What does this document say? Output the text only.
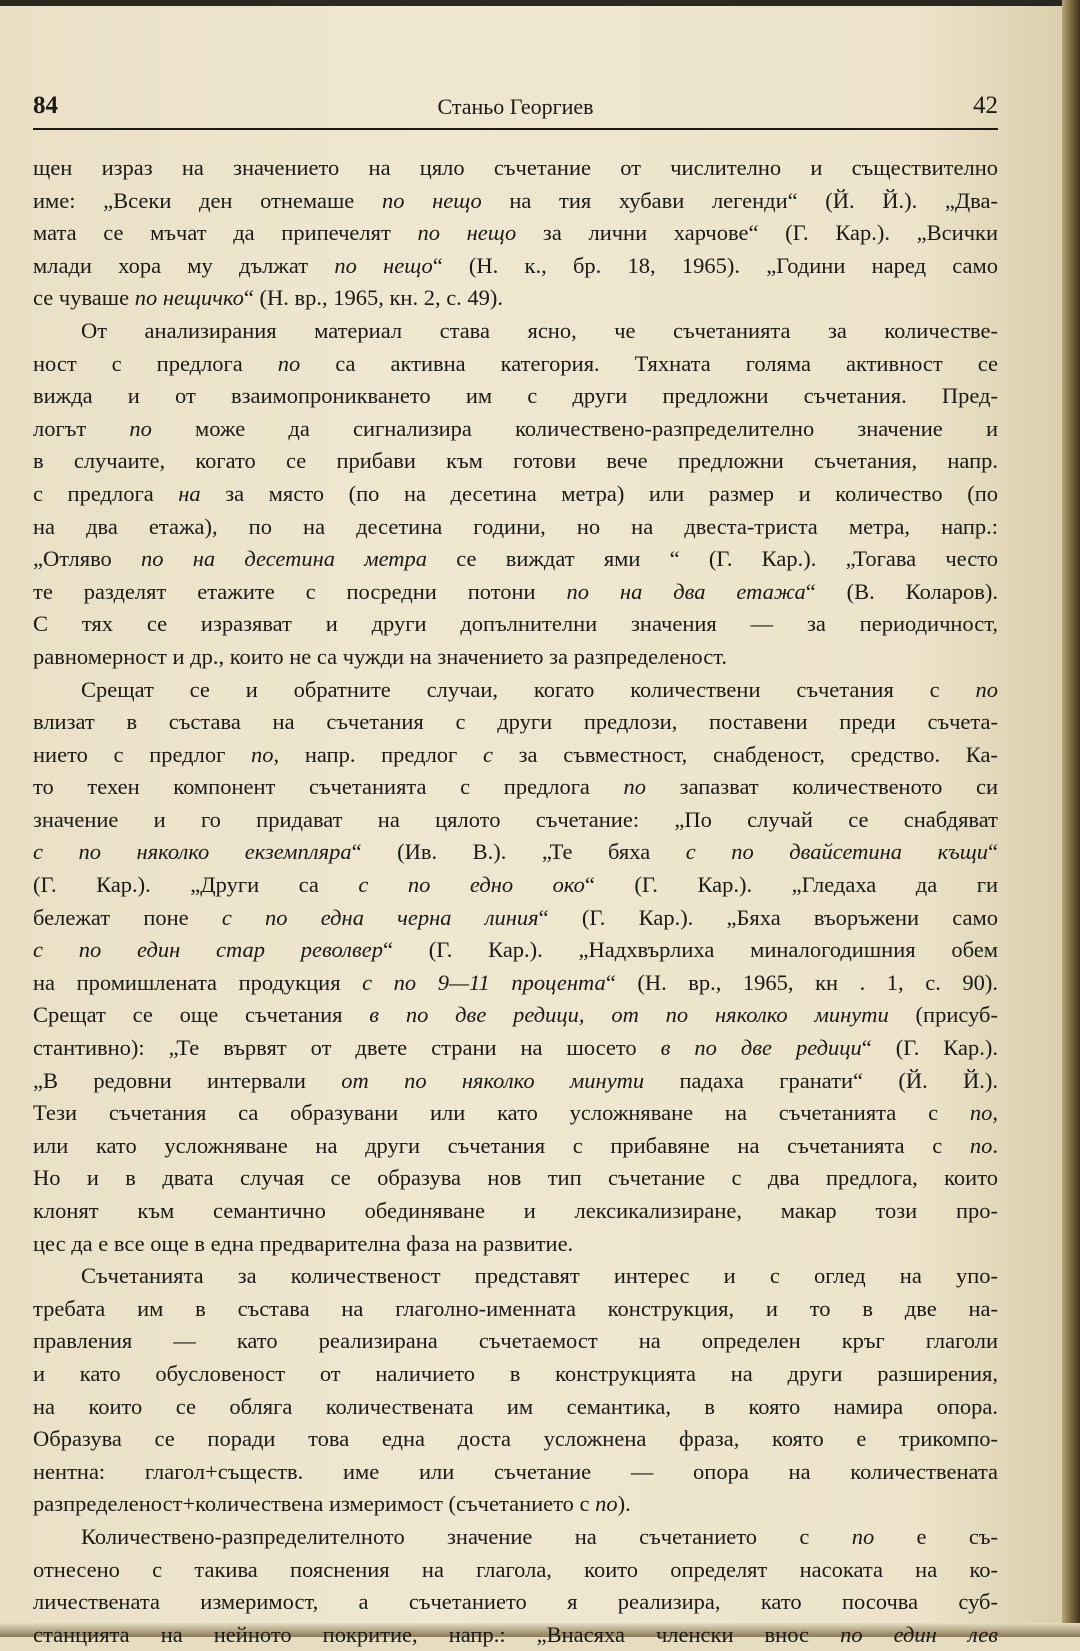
84	Станьо Георгиев	42
щен израз на значението на цяло съчетание от числително и съществително
име: „Всеки ден отнемаше по нещо на тия хубави легенди“ (Й. Й.). „Два-
мата се мъчат да припечелят по нещо за лични харчове“ (Г. Кар.). „Всички
млади хора му дължат по нещо“ (Н. к., бр. 18, 1965). „Години наред само
се чуваше по нещичко“ (Н. вр., 1965, кн. 2, с. 49).
От анализирания материал става ясно, че съчетанията за количестве-
ност с предлога по са активна категория. Тяхната голяма активност се
вижда и от взаимопроникването им с други предложни съчетания. Пред-
логът по може да сигнализира количествено-разпределително значение и
в случаите, когато се прибави към готови вече предложни съчетания, напр.
с предлога на за място (по на десетина метра) или размер и количество (по
на два етажа), по на десетина години, но на двеста-триста метра, напр.:
„Отляво по на десетина метра се виждат ями “ (Г. Кар.). „Тогава често
те разделят етажите с посредни потони по на два етажа“ (В. Коларов).
С тях се изразяват и други допълнителни значения — за периодичност,
равномерност и др., които не са чужди на значението за разпределеност.
Срещат се и обратните случаи, когато количествени съчетания с по
влизат в състава на съчетания с други предлози, поставени преди съчета-
нието с предлог по, напр. предлог с за съвместност, снабденост, средство. Ка-
то техен компонент съчетанията с предлога по запазват количественото си
значение и го придават на цялото съчетание: „По случай се снабдяват
с по няколко екземпляра“ (Ив. В.). „Те бяха с по двайсетина къщи“
(Г. Кар.). „Други са с по едно око“ (Г. Кар.). „Гледаха да ги
бележат поне с по една черна линия“ (Г. Кар.). „Бяха въоръжени само
с по един стар револвер“ (Г. Кар.). „Надхвърлиха миналогодишния обем
на промишлената продукция с по 9—11 процента“ (Н. вр., 1965, кн . 1, с. 90).
Срещат се още съчетания в по две редици, от по няколко минути (присуб-
стантивно): „Те вървят от двете страни на шосето в по две редици“ (Г. Кар.).
„В редовни интервали от по няколко минути падаха гранати“ (Й. Й.).
Тези съчетания са образувани или като усложняване на съчетанията с по,
или като усложняване на други съчетания с прибавяне на съчетанията с по.
Но и в двата случая се образува нов тип съчетание с два предлога, които
клонят към семантично обединяване и лексикализиране, макар този про-
цес да е все още в една предварителна фаза на развитие.
Съчетанията за количественост представят интерес и с оглед на упо-
требата им в състава на глаголно-именната конструкция, и то в две на-
правления — като реализирана съчетаемост на определен кръг глаголи
и като обусловеност от наличието в конструкцията на други разширения,
на които се обляга количествената им семантика, в която намира опора.
Образува се поради това една доста усложнена фраза, която е трикомпо-
нентна: глагол+съществ. име или съчетание — опора на количествената
разпределеност+количествена измеримост (съчетанието с по).
Количествено-разпределителното значение на съчетанието с по е съ-
отнесено с такива пояснения на глагола, които определят насоката на ко-
личествената измеримост, а съчетанието я реализира, като посочва суб-
станцията на нейното покритие, напр.: „Внасяха членски внос по един лев
